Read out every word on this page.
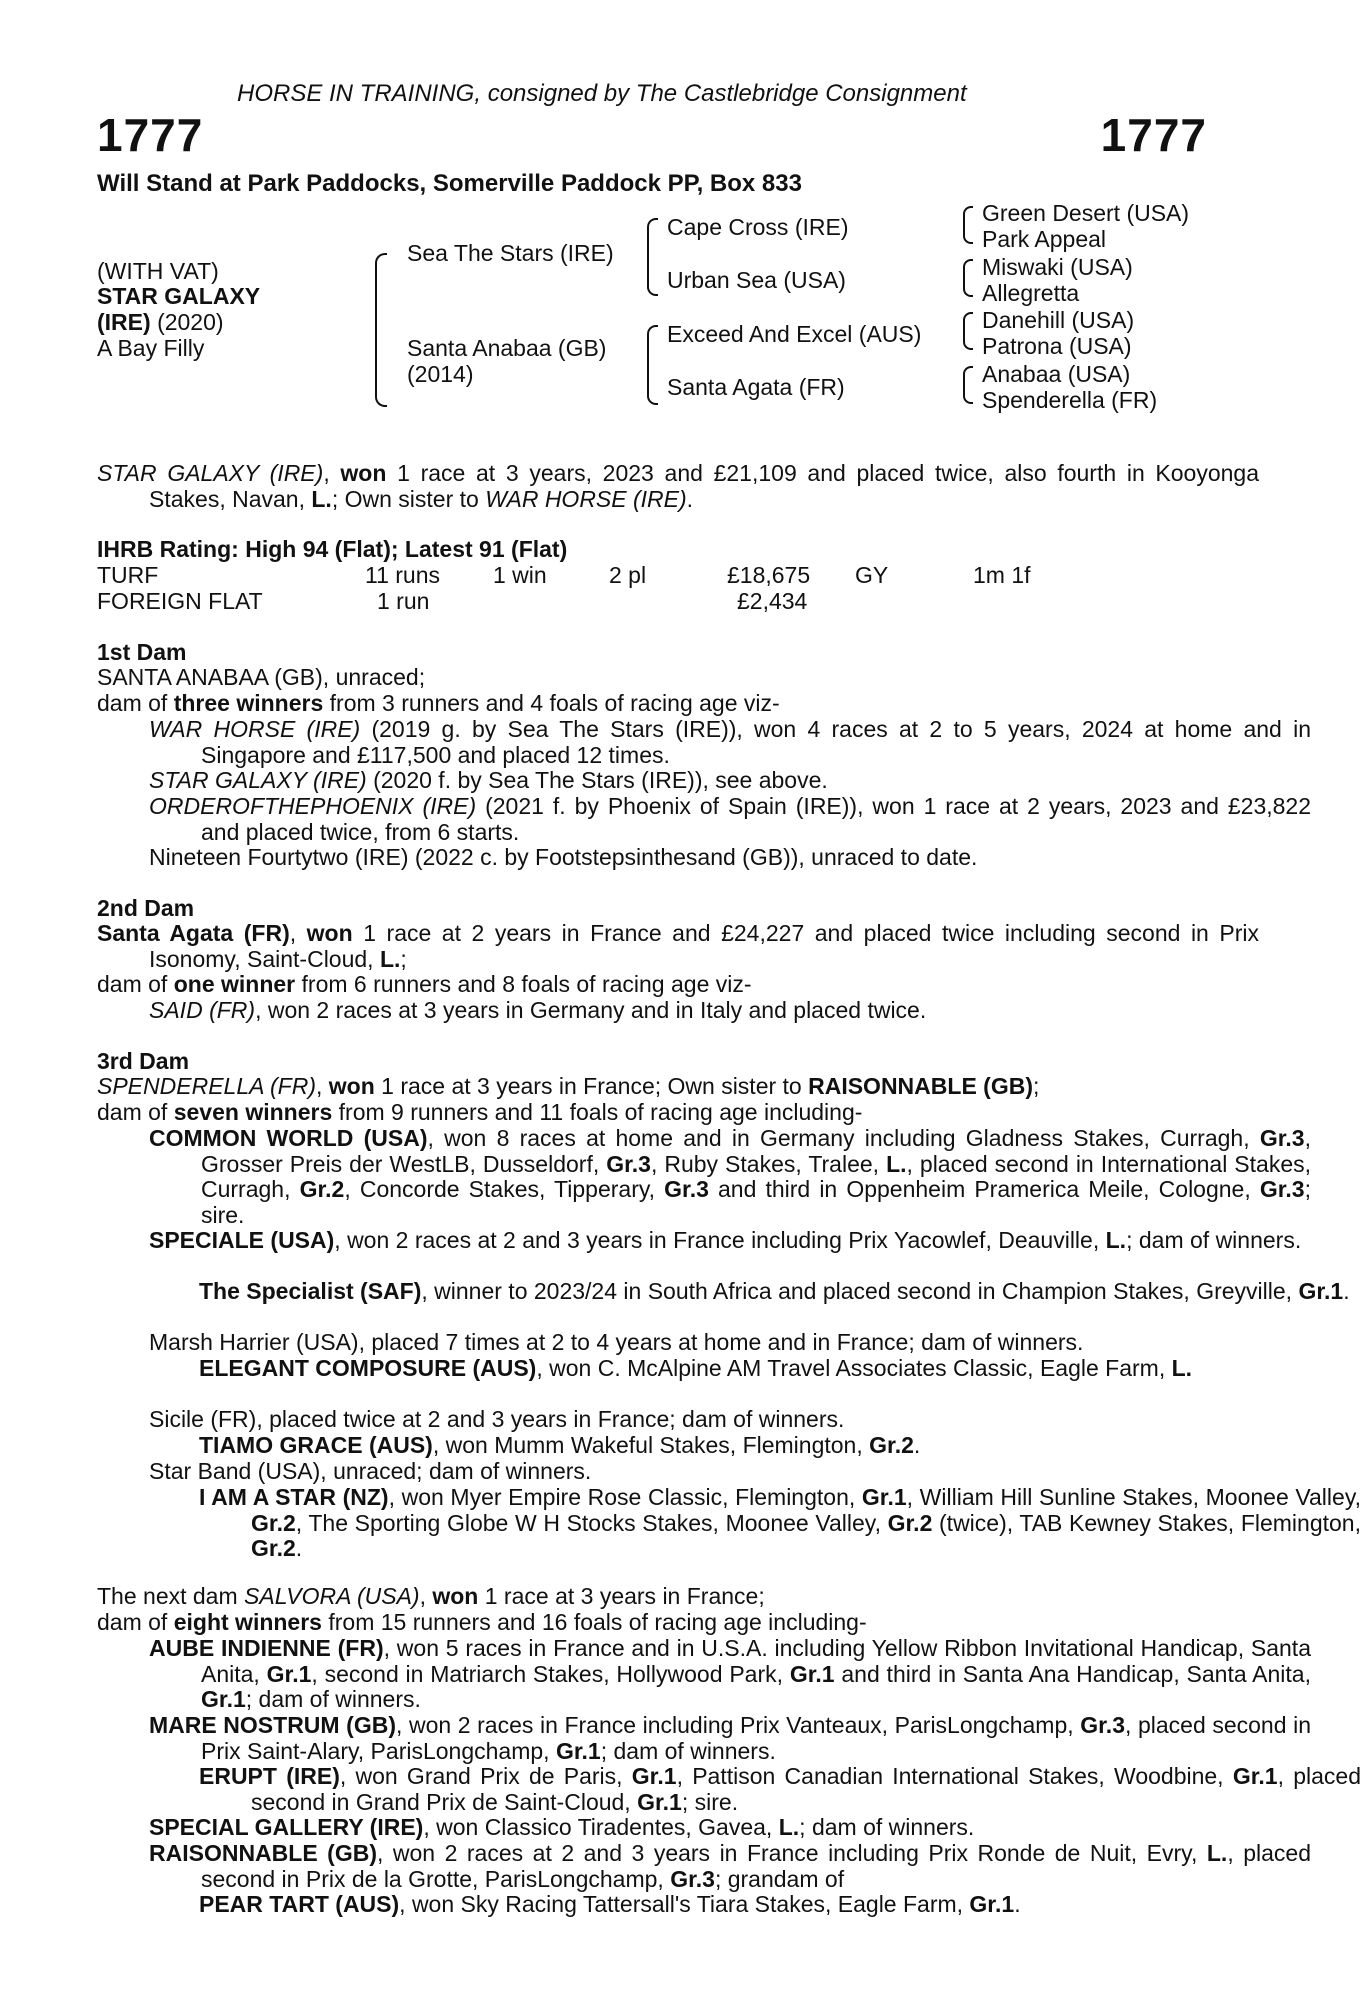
HORSE IN TRAINING, consigned by The Castlebridge Consignment
1777	1777
Will Stand at Park Paddocks, Somerville Paddock PP, Box 833
(WITH VAT)
STAR GALAXY
(IRE) (2020)
A Bay Filly
Sea The Stars (IRE)
Santa Anabaa (GB)
(2014)
Cape Cross (IRE)
Urban Sea (USA)
Exceed And Excel (AUS)
Santa Agata (FR)
Green Desert (USA)
Park Appeal
Miswaki (USA)
Allegretta
Danehill (USA)
Patrona (USA)
Anabaa (USA)
Spenderella (FR)
STAR GALAXY (IRE), won 1 race at 3 years, 2023 and £21,109 and placed twice, also fourth in Kooyonga Stakes, Navan, L.; Own sister to WAR HORSE (IRE).
IHRB Rating: High 94 (Flat); Latest 91 (Flat)
TURF	11 runs 1 win	2 pl	£18,675 GY	1m 1f
FOREIGN FLAT	1 run	£2,434
1st Dam
SANTA ANABAA (GB), unraced;
dam of three winners from 3 runners and 4 foals of racing age viz-
WAR HORSE (IRE) (2019 g. by Sea The Stars (IRE)), won 4 races at 2 to 5 years, 2024 at home and in Singapore and £117,500 and placed 12 times.
STAR GALAXY (IRE) (2020 f. by Sea The Stars (IRE)), see above.
ORDEROFTHEPHOENIX (IRE) (2021 f. by Phoenix of Spain (IRE)), won 1 race at 2 years, 2023 and £23,822 and placed twice, from 6 starts.
Nineteen Fourtytwo (IRE) (2022 c. by Footstepsinthesand (GB)), unraced to date.
2nd Dam
Santa Agata (FR), won 1 race at 2 years in France and £24,227 and placed twice including second in Prix Isonomy, Saint-Cloud, L.;
dam of one winner from 6 runners and 8 foals of racing age viz-
SAID (FR), won 2 races at 3 years in Germany and in Italy and placed twice.
3rd Dam
SPENDERELLA (FR), won 1 race at 3 years in France; Own sister to RAISONNABLE (GB);
dam of seven winners from 9 runners and 11 foals of racing age including-
COMMON WORLD (USA), won 8 races at home and in Germany including Gladness Stakes, Curragh, Gr.3, Grosser Preis der WestLB, Dusseldorf, Gr.3, Ruby Stakes, Tralee, L., placed second in International Stakes, Curragh, Gr.2, Concorde Stakes, Tipperary, Gr.3 and third in Oppenheim Pramerica Meile, Cologne, Gr.3; sire.
SPECIALE (USA), won 2 races at 2 and 3 years in France including Prix Yacowlef, Deauville, L.; dam of winners.
The Specialist (SAF), winner to 2023/24 in South Africa and placed second in Champion Stakes, Greyville, Gr.1.
Marsh Harrier (USA), placed 7 times at 2 to 4 years at home and in France; dam of winners.
ELEGANT COMPOSURE (AUS), won C. McAlpine AM Travel Associates Classic, Eagle Farm, L.
Sicile (FR), placed twice at 2 and 3 years in France; dam of winners.
TIAMO GRACE (AUS), won Mumm Wakeful Stakes, Flemington, Gr.2.
Star Band (USA), unraced; dam of winners.
I AM A STAR (NZ), won Myer Empire Rose Classic, Flemington, Gr.1, William Hill Sunline Stakes, Moonee Valley, Gr.2, The Sporting Globe W H Stocks Stakes, Moonee Valley, Gr.2 (twice), TAB Kewney Stakes, Flemington, Gr.2.
The next dam SALVORA (USA), won 1 race at 3 years in France;
dam of eight winners from 15 runners and 16 foals of racing age including-
AUBE INDIENNE (FR), won 5 races in France and in U.S.A. including Yellow Ribbon Invitational Handicap, Santa Anita, Gr.1, second in Matriarch Stakes, Hollywood Park, Gr.1 and third in Santa Ana Handicap, Santa Anita, Gr.1; dam of winners.
MARE NOSTRUM (GB), won 2 races in France including Prix Vanteaux, ParisLongchamp, Gr.3, placed second in Prix Saint-Alary, ParisLongchamp, Gr.1; dam of winners.
ERUPT (IRE), won Grand Prix de Paris, Gr.1, Pattison Canadian International Stakes, Woodbine, Gr.1, placed second in Grand Prix de Saint-Cloud, Gr.1; sire.
SPECIAL GALLERY (IRE), won Classico Tiradentes, Gavea, L.; dam of winners.
RAISONNABLE (GB), won 2 races at 2 and 3 years in France including Prix Ronde de Nuit, Evry, L., placed second in Prix de la Grotte, ParisLongchamp, Gr.3; grandam of
PEAR TART (AUS), won Sky Racing Tattersall's Tiara Stakes, Eagle Farm, Gr.1.
